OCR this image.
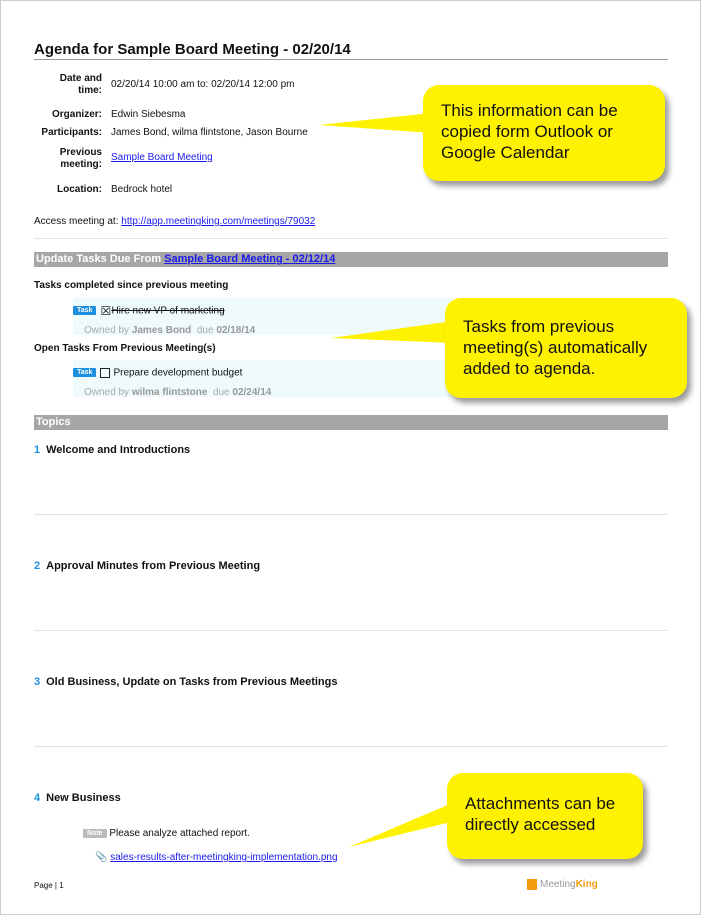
Agenda for Sample Board Meeting - 02/20/14
Date and
time:
02/20/14 10:00 am to: 02/20/14 12:00 pm
Organizer: Edwin Siebesma
Participants: James Bond, wilma flintstone, Jason Bourne
Previous
meeting:
Sample Board Meeting
Location: Bedrock hotel
Access meeting at: http://app.meetingking.com/meetings/79032
Update Tasks Due From Sample Board Meeting - 02/12/14
Tasks completed since previous meeting
Task ☒Hire new VP of marketing
Owned by James Bond due 02/18/14
Open Tasks From Previous Meeting(s)
Task Prepare development budget
Owned by wilma flintstone due 02/24/14
Topics
1 Welcome and Introductions
2 Approval Minutes from Previous Meeting
3 Old Business, Update on Tasks from Previous Meetings
4 New Business
Note Please analyze attached report.
📎 sales-results-after-meetingking-implementation.png
Page | 1	MeetingKing
This information can be copied form Outlook or Google Calendar
Tasks from previous meeting(s) automatically added to agenda.
Attachments can be directly accessed
